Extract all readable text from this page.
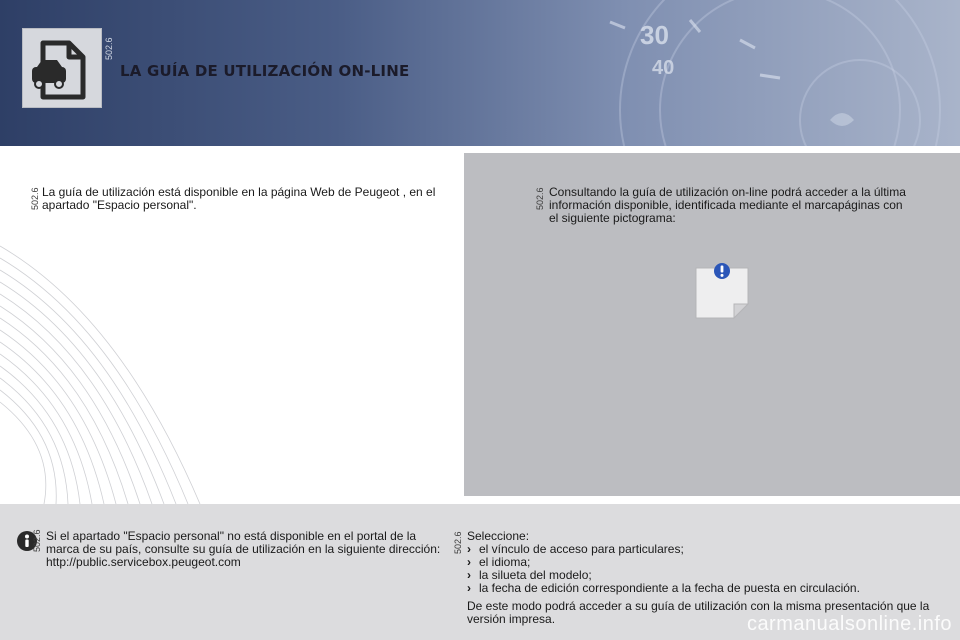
30
40
502.6
LA GUÍA DE UTILIZACIÓN ON-LINE
502.6 La guía de utilización está disponible en la página Web de Peugeot , en el apartado "Espacio personal".	502.6 Consultando la guía de utilización on-line podrá acceder a la última información disponible, identificada mediante el marcapáginas con el siguiente pictograma:

502.6 Si el apartado "Espacio personal" no está disponible en el portal de la marca de su país, consulte su guía de utilización en la siguiente dirección:

http://public.servicebox.peugeot.com

502.6 Seleccione:

› el vínculo de acceso para particulares;
› el idioma;
› la silueta del modelo;
› la fecha de edición correspondiente a la fecha de puesta en circulación.

De este modo podrá acceder a su guía de utilización con la misma presentación que la versión impresa.	carmanualsonline.info
